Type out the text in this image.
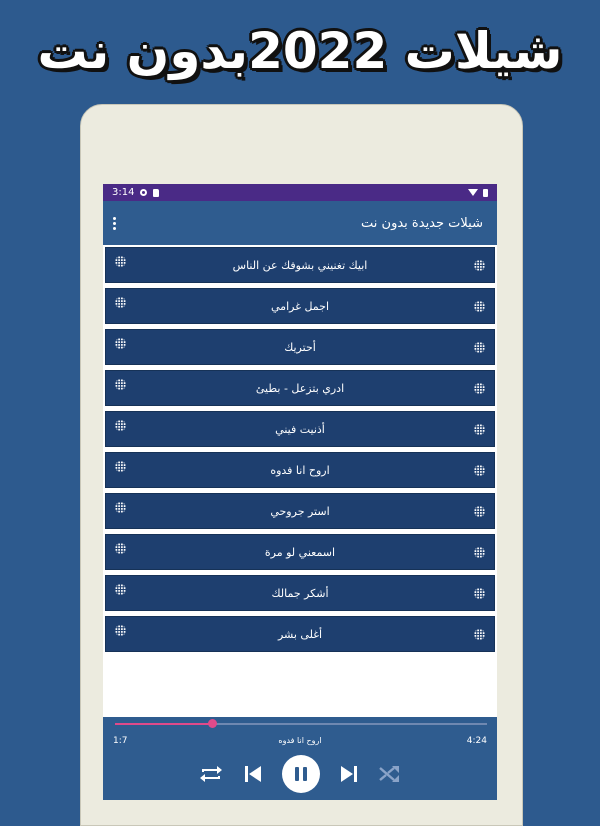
شيلات 2022بدون نت
3:14
شيلات جديدة بدون نت
ابيك تغنيني بشوفك عن الناس
اجمل غرامي
أحتريك
ادري بتزعل - بطيئ
أذنيت فيني
اروح انا فدوه
استر جروحي
اسمعني لو مرة
أشكر جمالك
أغلى بشر
1:7	اروح انا فدوه	4:24
